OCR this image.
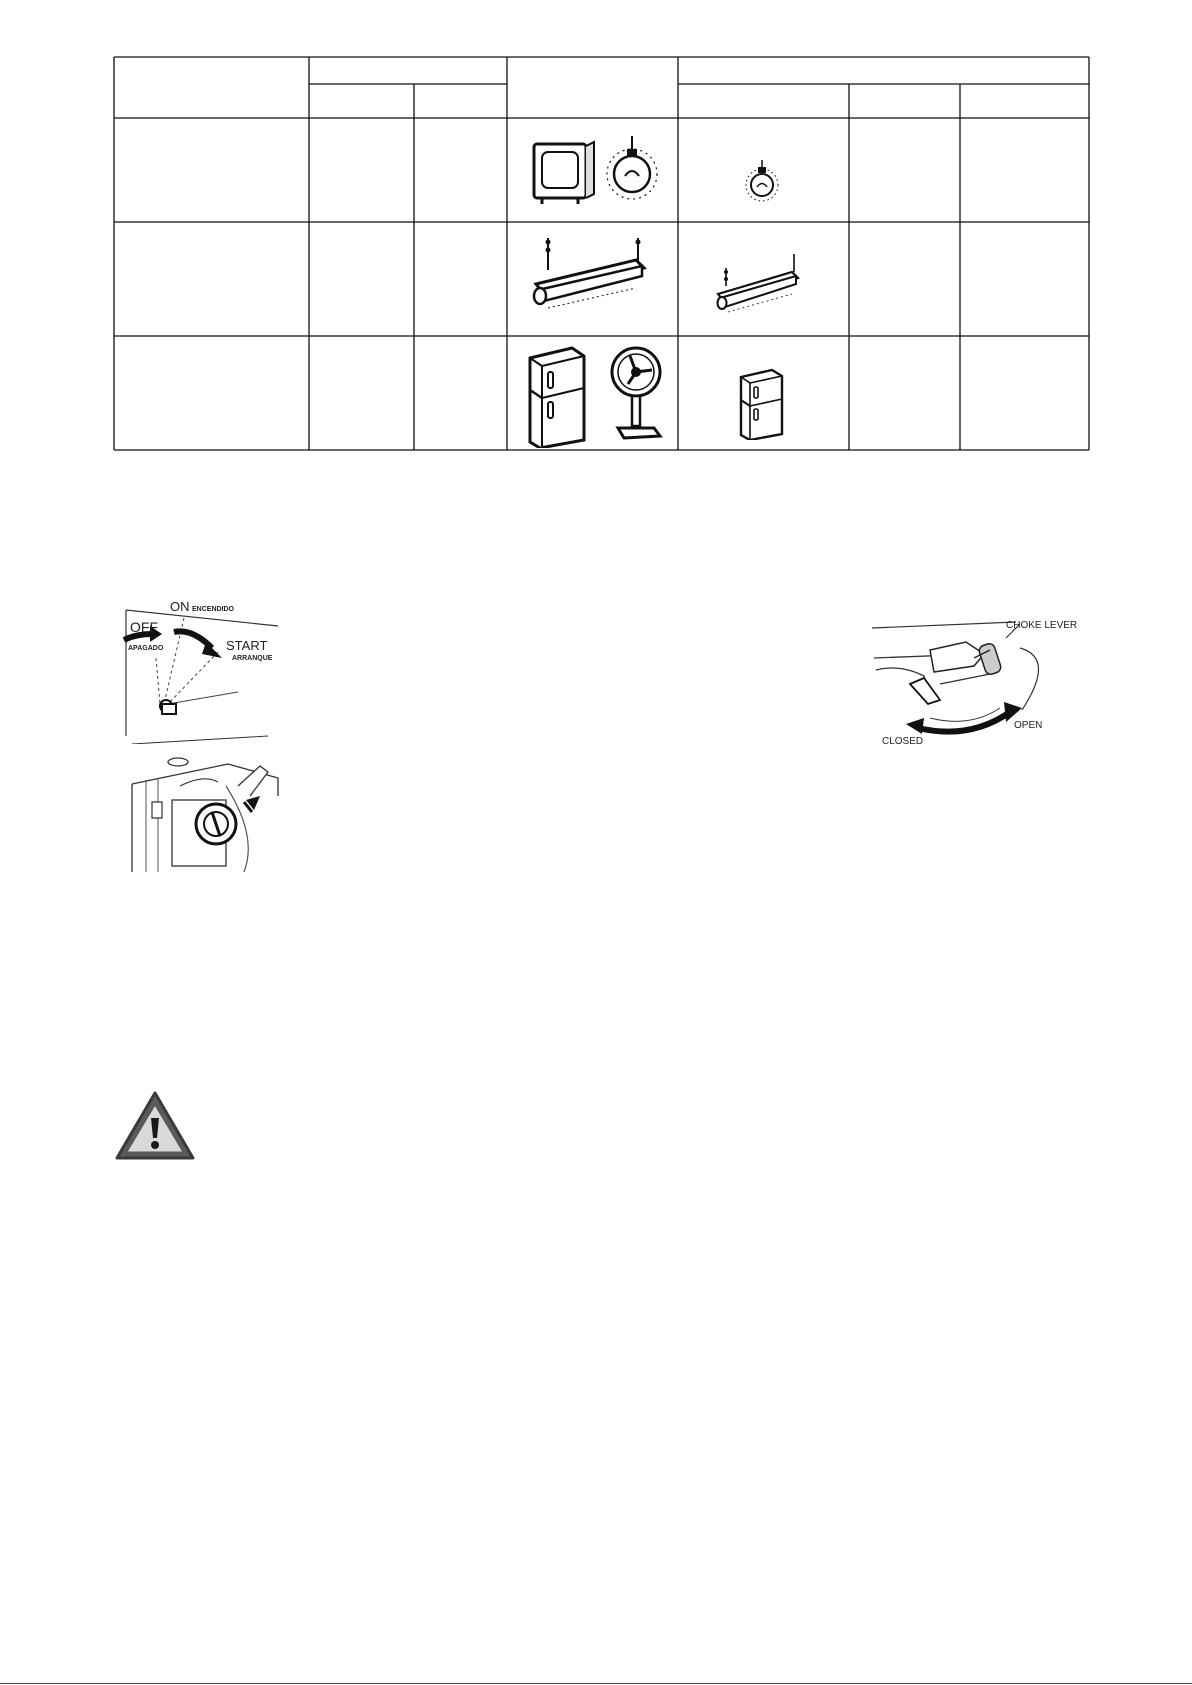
ON ENCENDIDO
OFF
APAGADO	START
ARRANQUE
CHOKE LEVER
CLOSED
OPEN
